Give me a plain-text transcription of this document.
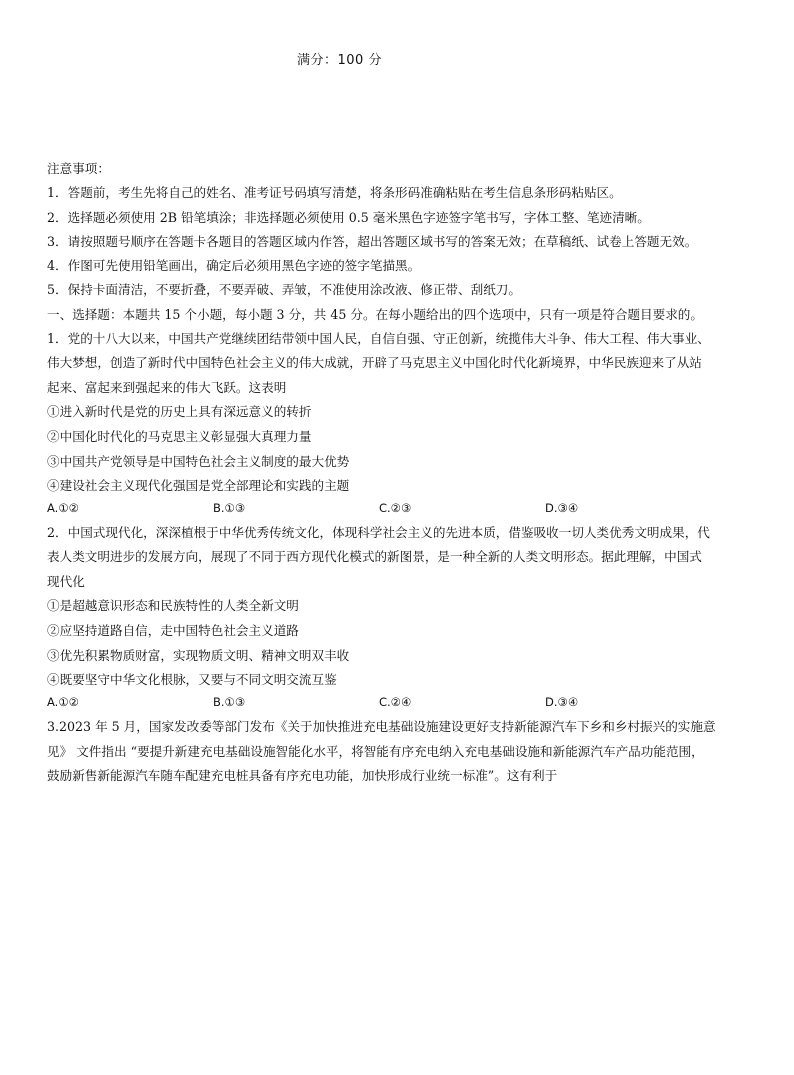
满分：100 分

注意事项：

1．答题前，考生先将自己的姓名、准考证号码填写清楚，将条形码准确粘贴在考生信息条形码粘贴区。

2．选择题必须使用 2B 铅笔填涂；非选择题必须使用 0.5 毫米黑色字迹签字笔书写，字体工整、笔迹清晰。

3．请按照题号顺序在答题卡各题目的答题区域内作答，超出答题区域书写的答案无效；在草稿纸、试卷上答题无效。

4．作图可先使用铅笔画出，确定后必须用黑色字迹的签字笔描黑。

5．保持卡面清洁，不要折叠，不要弄破、弄皱，不准使用涂改液、修正带、刮纸刀。

一、选择题：本题共 15 个小题，每小题 3 分，共 45 分。在每小题给出的四个选项中，只有一项是符合题目要求的。

1．党的十八大以来，中国共产党继续团结带领中国人民，自信自强、守正创新，统揽伟大斗争、伟大工程、伟大事业、

伟大梦想，创造了新时代中国特色社会主义的伟大成就，开辟了马克思主义中国化时代化新境界，中华民族迎来了从站

起来、富起来到强起来的伟大飞跃。这表明

①进入新时代是党的历史上具有深远意义的转折

②中国化时代化的马克思主义彰显强大真理力量

③中国共产党领导是中国特色社会主义制度的最大优势

④建设社会主义现代化强国是党全部理论和实践的主题

A.①②	B.①③	C.②③	D.③④

2．中国式现代化，深深植根于中华优秀传统文化，体现科学社会主义的先进本质，借鉴吸收一切人类优秀文明成果，代

表人类文明进步的发展方向，展现了不同于西方现代化模式的新图景，是一种全新的人类文明形态。据此理解，中国式

现代化

①是超越意识形态和民族特性的人类全新文明

②应坚持道路自信，走中国特色社会主义道路

③优先积累物质财富，实现物质文明、精神文明双丰收

④既要坚守中华文化根脉，又要与不同文明交流互鉴

A.①②	B.①③	C.②④	D.③④

3.2023 年 5 月，国家发改委等部门发布《关于加快推进充电基础设施建设更好支持新能源汽车下乡和乡村振兴的实施意

见》 文件指出 “要提升新建充电基础设施智能化水平，将智能有序充电纳入充电基础设施和新能源汽车产品功能范围，

鼓励新售新能源汽车随车配建充电桩具备有序充电功能，加快形成行业统一标准”。这有利于
